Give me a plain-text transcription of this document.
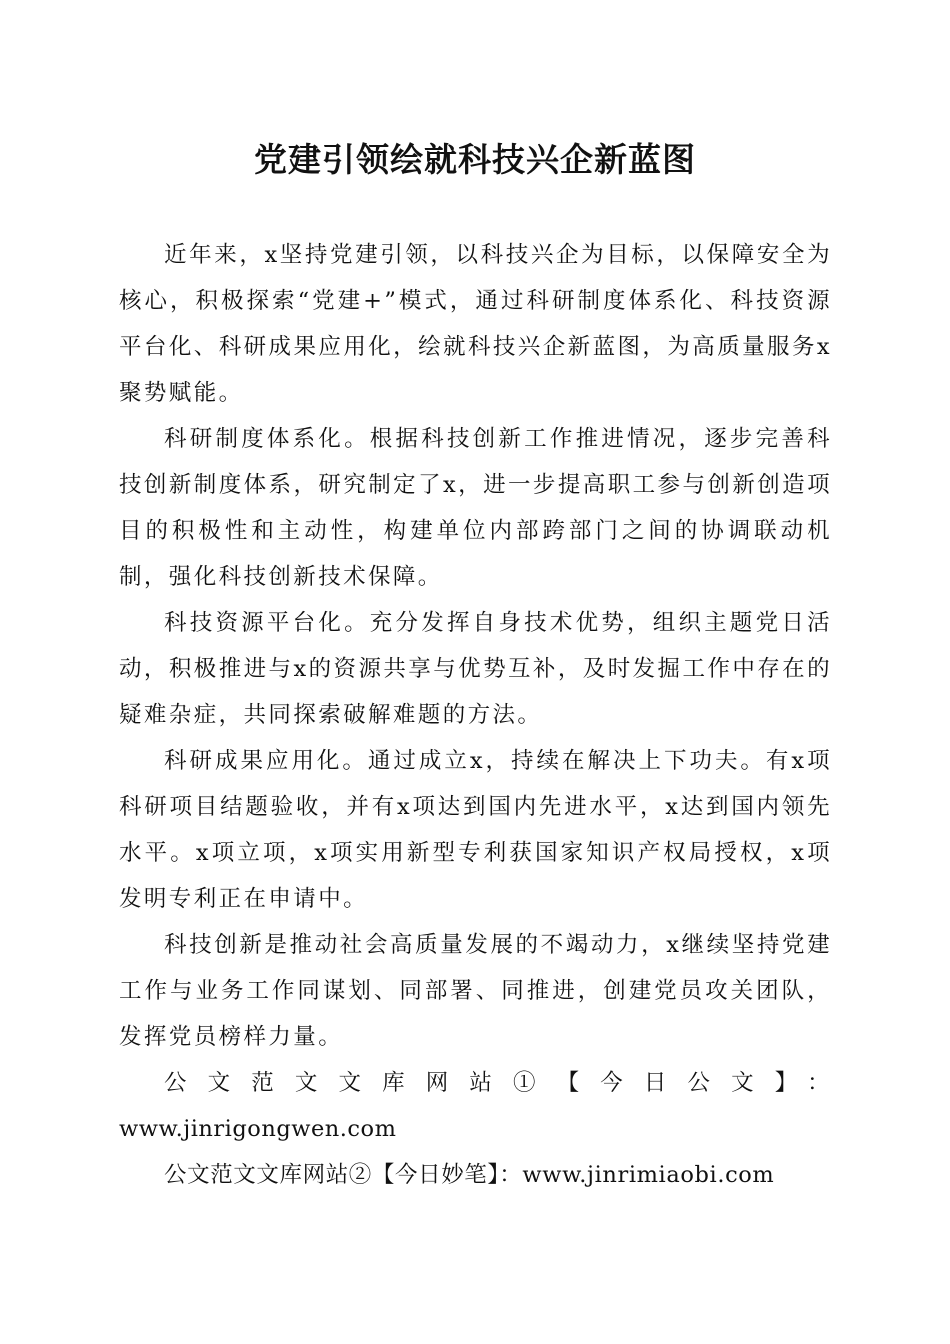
党建引领绘就科技兴企新蓝图

近年来，x坚持党建引领，以科技兴企为目标，以保障安全为核心，积极探索“党建+”模式，通过科研制度体系化、科技资源平台化、科研成果应用化，绘就科技兴企新蓝图，为高质量服务x聚势赋能。

科研制度体系化。根据科技创新工作推进情况，逐步完善科技创新制度体系，研究制定了x，进一步提高职工参与创新创造项目的积极性和主动性，构建单位内部跨部门之间的协调联动机制，强化科技创新技术保障。

科技资源平台化。充分发挥自身技术优势，组织主题党日活动，积极推进与x的资源共享与优势互补，及时发掘工作中存在的疑难杂症，共同探索破解难题的方法。

科研成果应用化。通过成立x，持续在解决上下功夫。有x项科研项目结题验收，并有x项达到国内先进水平，x达到国内领先水平。x项立项，x项实用新型专利获国家知识产权局授权，x项发明专利正在申请中。

科技创新是推动社会高质量发展的不竭动力，x继续坚持党建工作与业务工作同谋划、同部署、同推进，创建党员攻关团队，发挥党员榜样力量。

公文范文文库网站①【今日公文】：

www.jinrigongwen.com

公文范文文库网站②【今日妙笔】：www.jinrimiaobi.com
